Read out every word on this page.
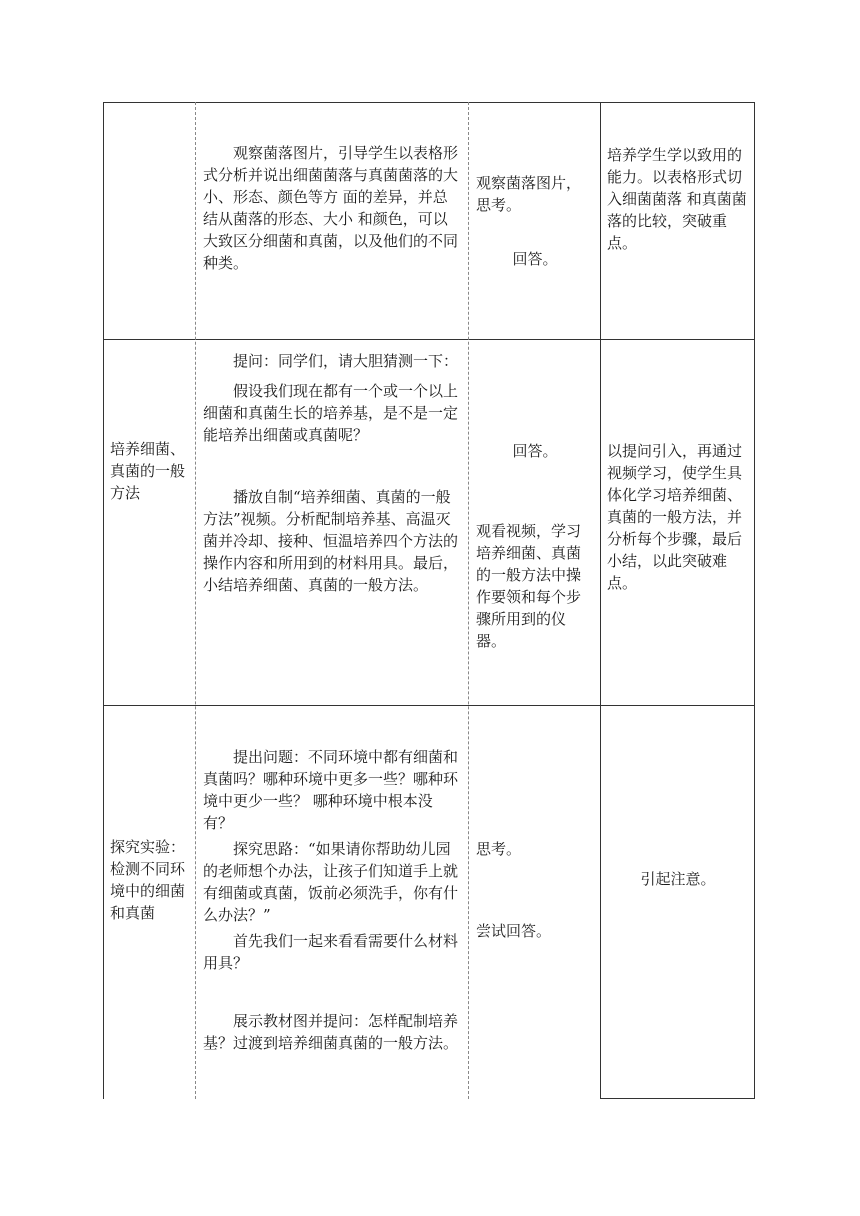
观察菌落图片，引导学生以表格形式分析并说出细菌菌落与真菌菌落的大小、形态、颜色等方 面的差异，并总结从菌落的形态、大小 和颜色，可以大致区分细菌和真菌，以及他们的不同种类。

观察菌落图片，思考。

回答。

培养学生学以致用的能力。以表格形式切入细菌菌落 和真菌菌落的比较，突破重点。

培养细菌、真菌的一般方法

提问：同学们，请大胆猜测一下：

假设我们现在都有一个或一个以上细菌和真菌生长的培养基，是不是一定能培养出细菌或真菌呢？

播放自制“培养细菌、真菌的一般方法”视频。分析配制培养基、高温灭菌并冷却、接种、恒温培养四个方法的操作内容和所用到的材料用具。最后，小结培养细菌、真菌的一般方法。

回答。

观看视频，学习培养细菌、真菌的一般方法中操作要领和每个步骤所用到的仪器。

以提问引入，再通过视频学习，使学生具体化学习培养细菌、真菌的一般方法，并分析每个步骤，最后小结，以此突破难点。

探究实验：检测不同环境中的细菌和真菌

提出问题：不同环境中都有细菌和真菌吗？哪种环境中更多一些？哪种环境中更少一些？ 哪种环境中根本没有？

探究思路：“如果请你帮助幼儿园的老师想个办法，让孩子们知道手上就有细菌或真菌，饭前必须洗手，你有什么办法？”

首先我们一起来看看需要什么材料用具？

展示教材图并提问：怎样配制培养基？过渡到培养细菌真菌的一般方法。

思考。

尝试回答。

引起注意。
